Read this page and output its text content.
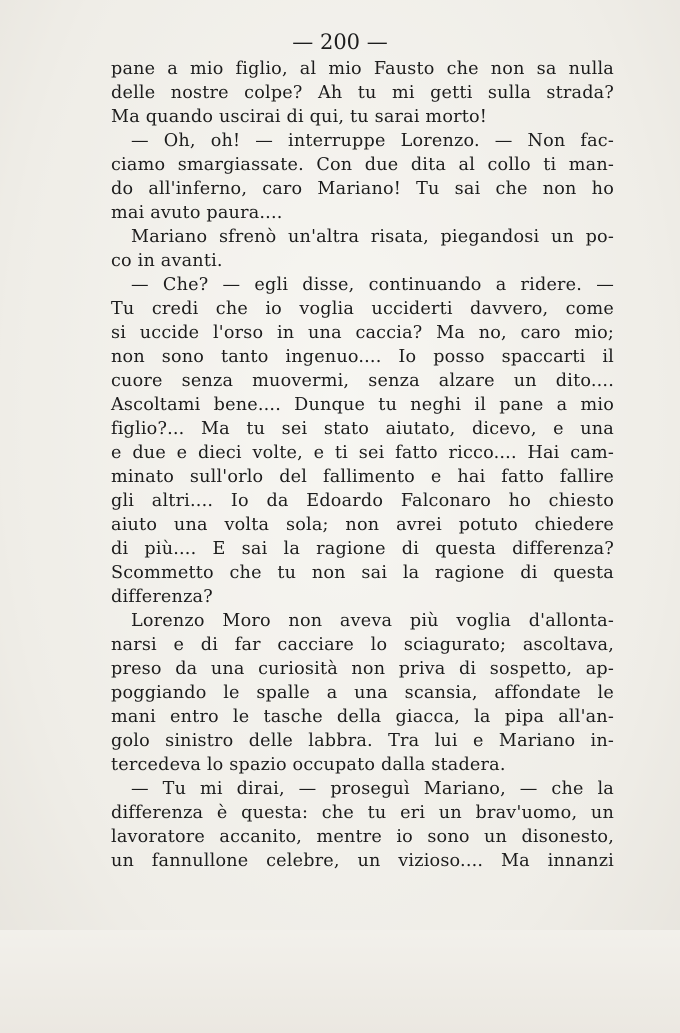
— 200 —
pane a mio figlio, al mio Fausto che non sa nulla
delle nostre colpe? Ah tu mi getti sulla strada?
Ma quando uscirai di qui, tu sarai morto!
— Oh, oh! — interruppe Lorenzo. — Non fac-
ciamo smargiassate. Con due dita al collo ti man-
do all'inferno, caro Mariano! Tu sai che non ho
mai avuto paura....
Mariano sfrenò un'altra risata, piegandosi un po-
co in avanti.
— Che? — egli disse, continuando a ridere. —
Tu credi che io voglia ucciderti davvero, come
si uccide l'orso in una caccia? Ma no, caro mio;
non sono tanto ingenuo.... Io posso spaccarti il
cuore senza muovermi, senza alzare un dito....
Ascoltami bene.... Dunque tu neghi il pane a mio
figlio?... Ma tu sei stato aiutato, dicevo, e una
e due e dieci volte, e ti sei fatto ricco.... Hai cam-
minato sull'orlo del fallimento e hai fatto fallire
gli altri.... Io da Edoardo Falconaro ho chiesto
aiuto una volta sola; non avrei potuto chiedere
di più.... E sai la ragione di questa differenza?
Scommetto che tu non sai la ragione di questa
differenza?
Lorenzo Moro non aveva più voglia d'allonta-
narsi e di far cacciare lo sciagurato; ascoltava,
preso da una curiosità non priva di sospetto, ap-
poggiando le spalle a una scansia, affondate le
mani entro le tasche della giacca, la pipa all'an-
golo sinistro delle labbra. Tra lui e Mariano in-
tercedeva lo spazio occupato dalla stadera.
— Tu mi dirai, — proseguì Mariano, — che la
differenza è questa: che tu eri un brav'uomo, un
lavoratore accanito, mentre io sono un disonesto,
un fannullone celebre, un vizioso.... Ma innanzi
